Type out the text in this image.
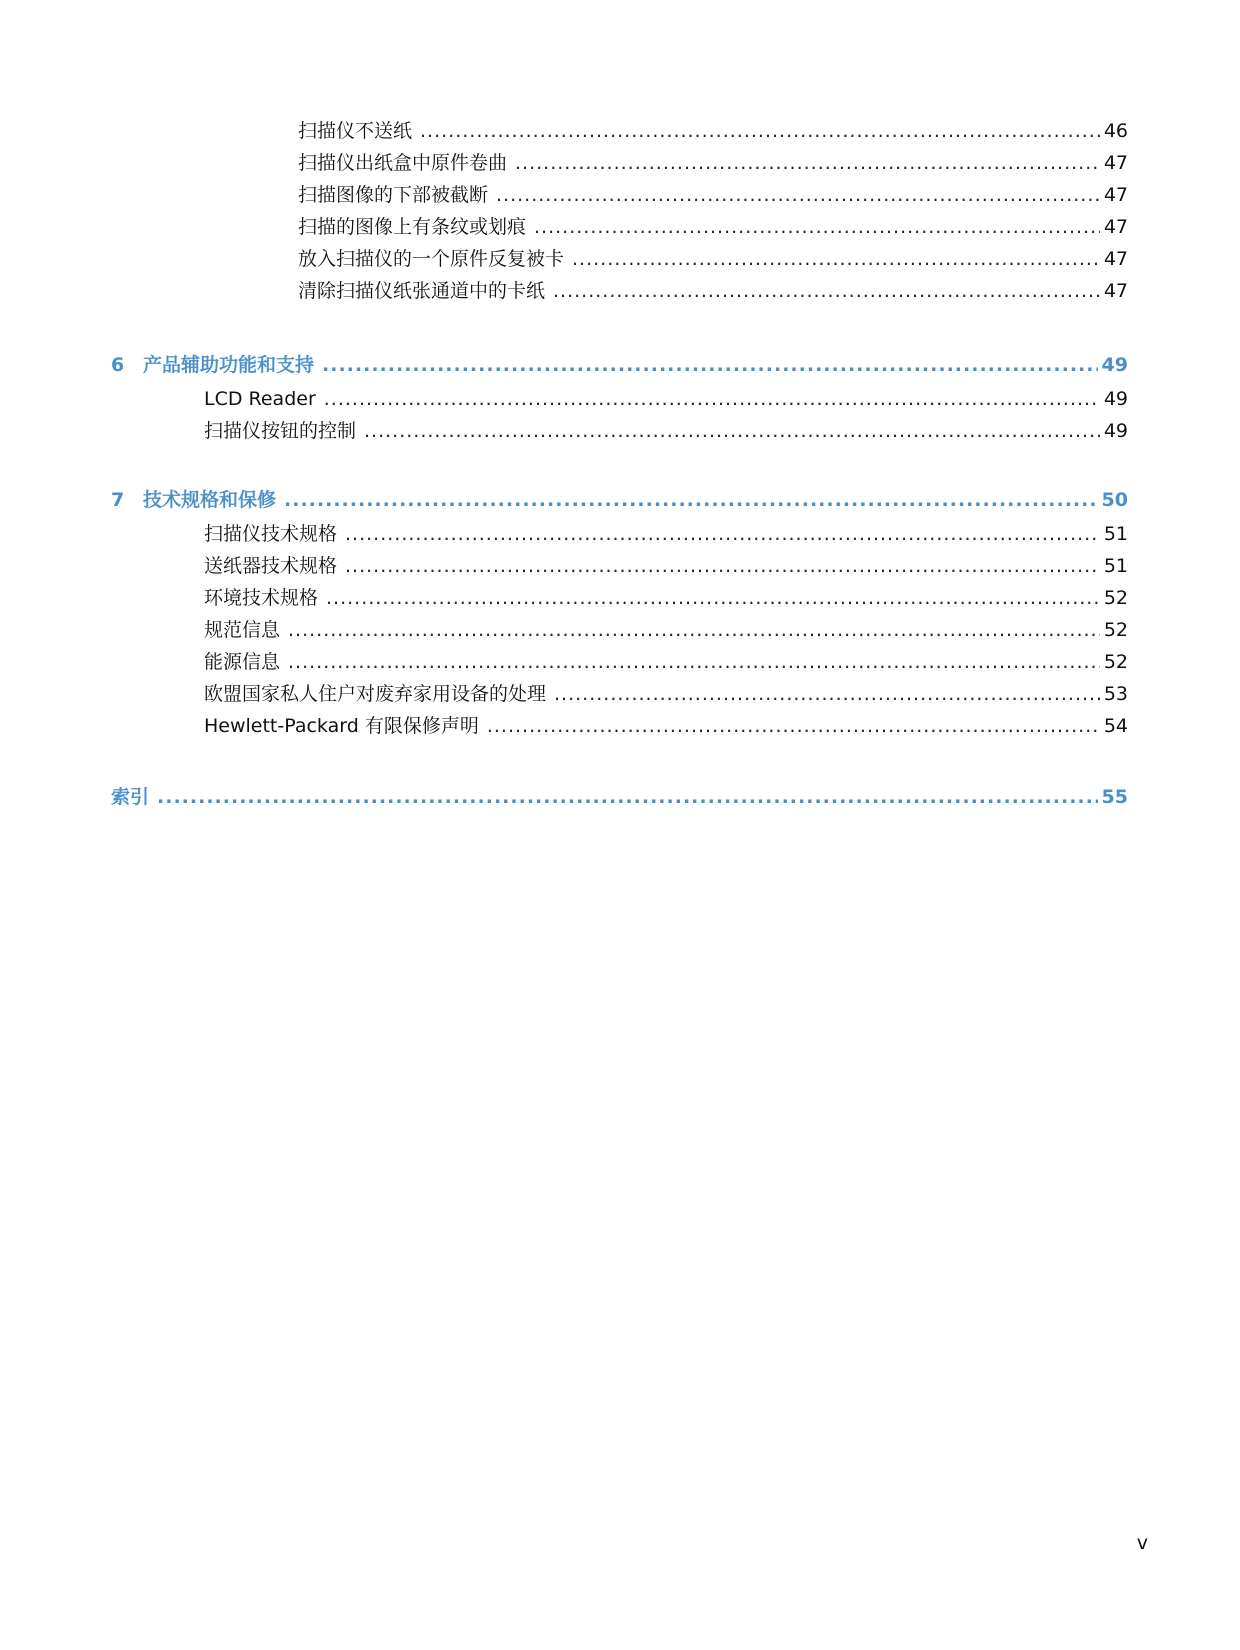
扫描仪不送纸 .....	46
扫描仪出纸盒中原件卷曲 .....	47
扫描图像的下部被截断 .....	47
扫描的图像上有条纹或划痕 .....	47
放入扫描仪的一个原件反复被卡 .....	47
清除扫描仪纸张通道中的卡纸 .....	47
6 产品辅助功能和支持 .....	49
LCD Reader .....	49
扫描仪按钮的控制 .....	49
7 技术规格和保修 .....	50
扫描仪技术规格 .....	51
送纸器技术规格 .....	51
环境技术规格 .....	52
规范信息 .....	52
能源信息 .....	52
欧盟国家私人住户对废弃家用设备的处理 .....	53
Hewlett-Packard 有限保修声明 .....	54
索引 .....	55
v
